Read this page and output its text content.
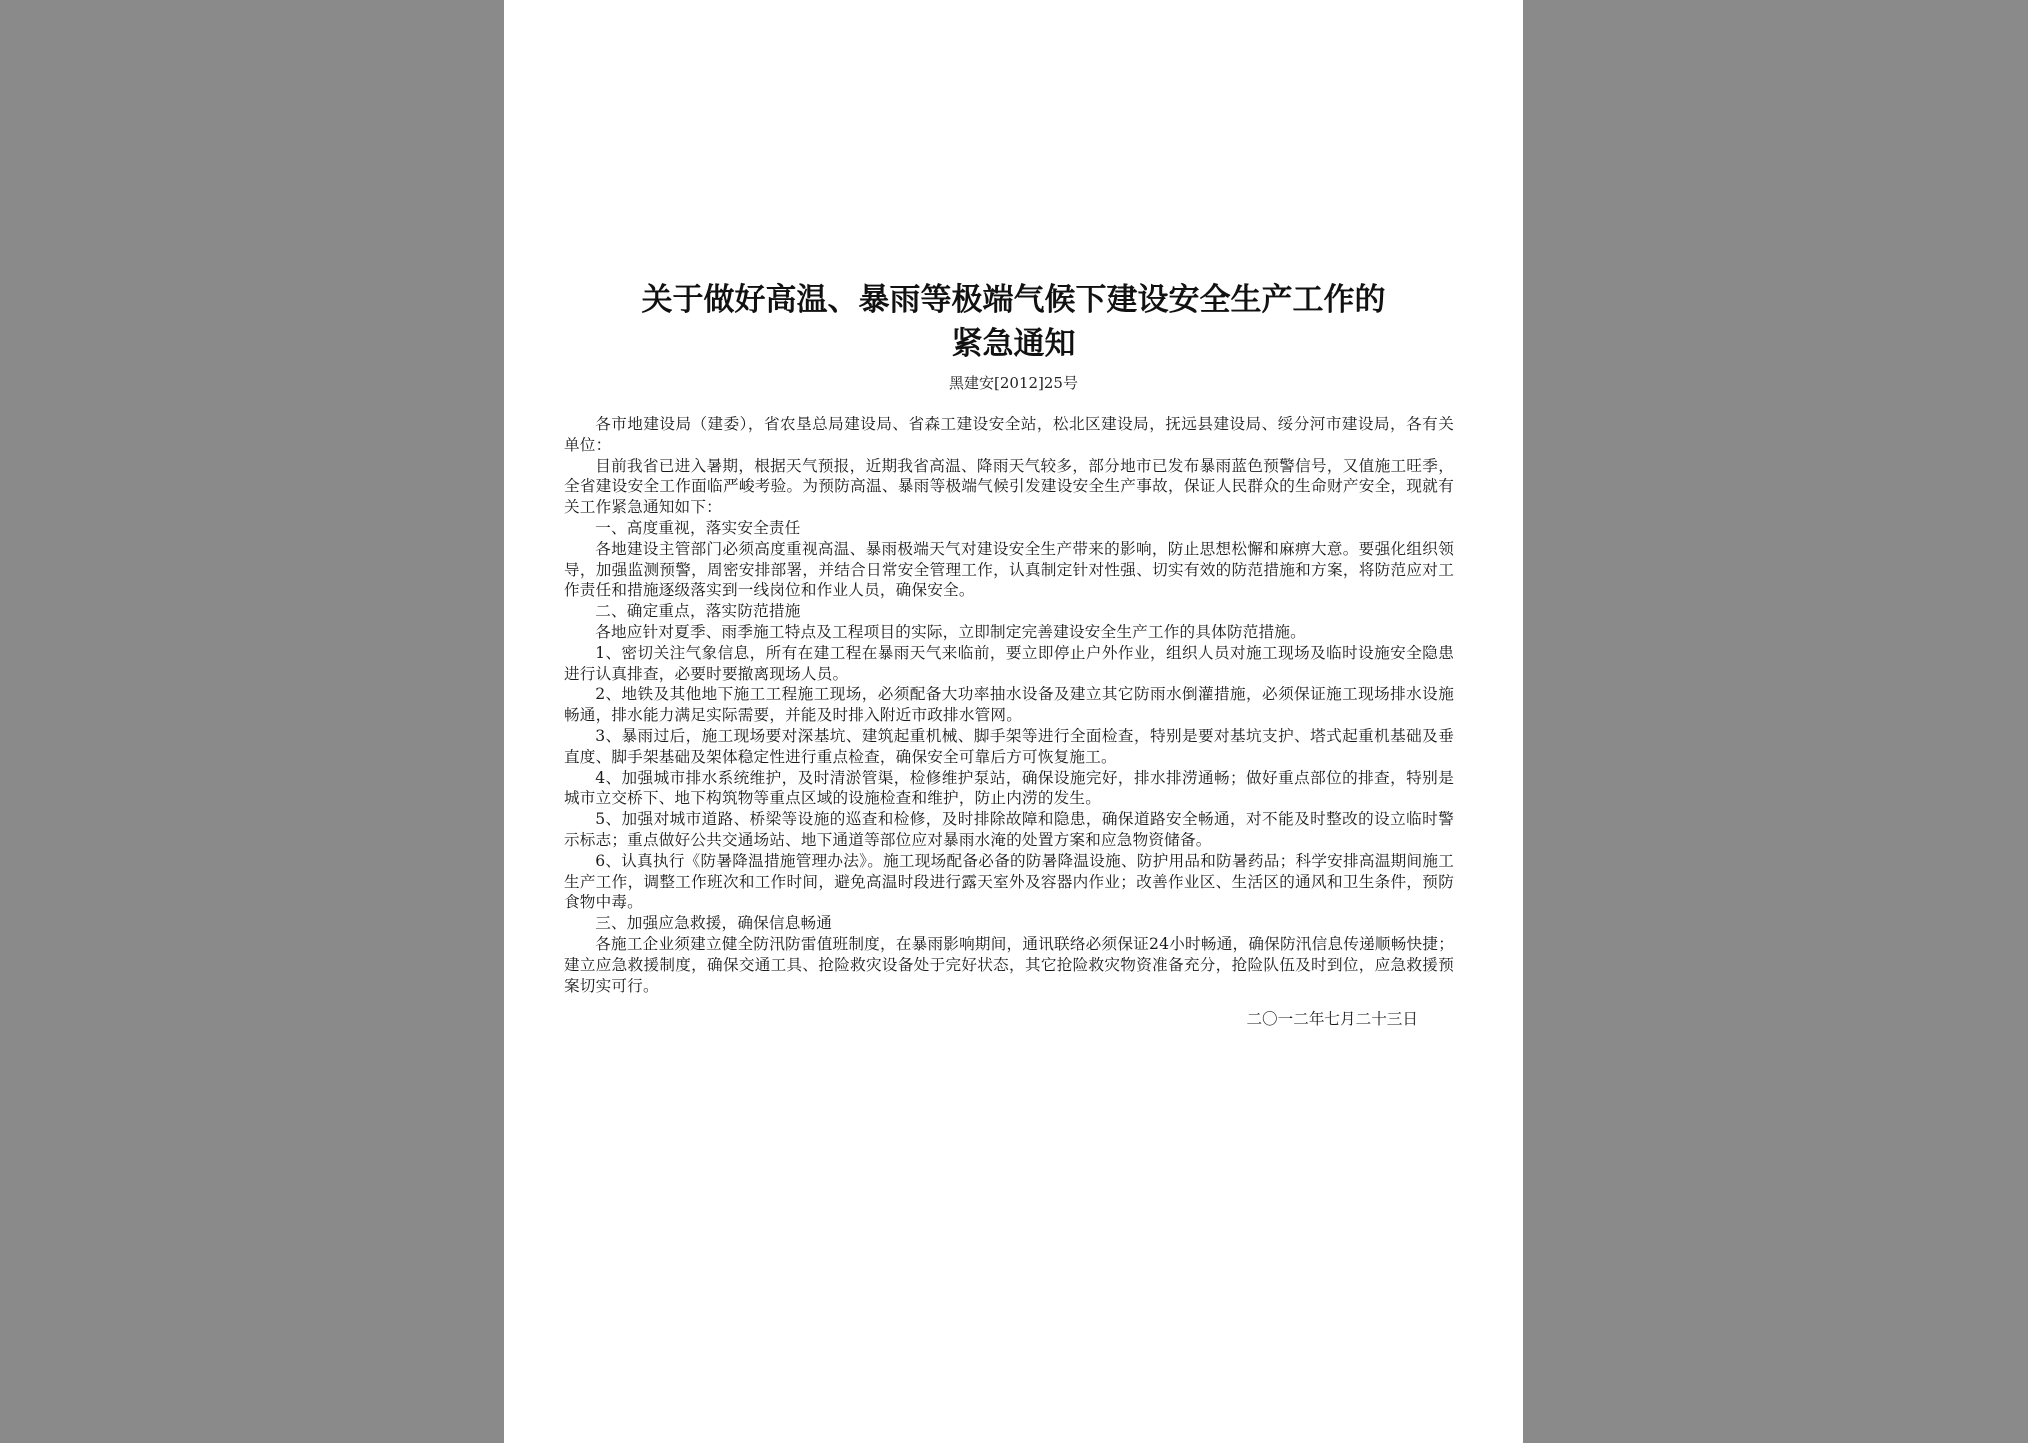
关于做好高温、暴雨等极端气候下建设安全生产工作的
紧急通知
黑建安[2012]25号

各市地建设局（建委），省农垦总局建设局、省森工建设安全站，松北区建设局，抚远县建设局、绥分河市建设局，各有关单位：

目前我省已进入暑期，根据天气预报，近期我省高温、降雨天气较多，部分地市已发布暴雨蓝色预警信号，又值施工旺季，全省建设安全工作面临严峻考验。为预防高温、暴雨等极端气候引发建设安全生产事故，保证人民群众的生命财产安全，现就有关工作紧急通知如下：

一、高度重视，落实安全责任

各地建设主管部门必须高度重视高温、暴雨极端天气对建设安全生产带来的影响，防止思想松懈和麻痹大意。要强化组织领导，加强监测预警，周密安排部署，并结合日常安全管理工作，认真制定针对性强、切实有效的防范措施和方案，将防范应对工作责任和措施逐级落实到一线岗位和作业人员，确保安全。

二、确定重点，落实防范措施

各地应针对夏季、雨季施工特点及工程项目的实际，立即制定完善建设安全生产工作的具体防范措施。

1、密切关注气象信息，所有在建工程在暴雨天气来临前，要立即停止户外作业，组织人员对施工现场及临时设施安全隐患进行认真排查，必要时要撤离现场人员。

2、地铁及其他地下施工工程施工现场，必须配备大功率抽水设备及建立其它防雨水倒灌措施，必须保证施工现场排水设施畅通，排水能力满足实际需要，并能及时排入附近市政排水管网。

3、暴雨过后，施工现场要对深基坑、建筑起重机械、脚手架等进行全面检查，特别是要对基坑支护、塔式起重机基础及垂直度、脚手架基础及架体稳定性进行重点检查，确保安全可靠后方可恢复施工。

4、加强城市排水系统维护，及时清淤管渠，检修维护泵站，确保设施完好，排水排涝通畅；做好重点部位的排查，特别是城市立交桥下、地下构筑物等重点区域的设施检查和维护，防止内涝的发生。

5、加强对城市道路、桥梁等设施的巡查和检修，及时排除故障和隐患，确保道路安全畅通，对不能及时整改的设立临时警示标志；重点做好公共交通场站、地下通道等部位应对暴雨水淹的处置方案和应急物资储备。

6、认真执行《防暑降温措施管理办法》。施工现场配备必备的防暑降温设施、防护用品和防暑药品；科学安排高温期间施工生产工作，调整工作班次和工作时间，避免高温时段进行露天室外及容器内作业；改善作业区、生活区的通风和卫生条件，预防食物中毒。

三、加强应急救援，确保信息畅通

各施工企业须建立健全防汛防雷值班制度，在暴雨影响期间，通讯联络必须保证24小时畅通，确保防汛信息传递顺畅快捷；建立应急救援制度，确保交通工具、抢险救灾设备处于完好状态，其它抢险救灾物资准备充分，抢险队伍及时到位，应急救援预案切实可行。

二〇一二年七月二十三日
